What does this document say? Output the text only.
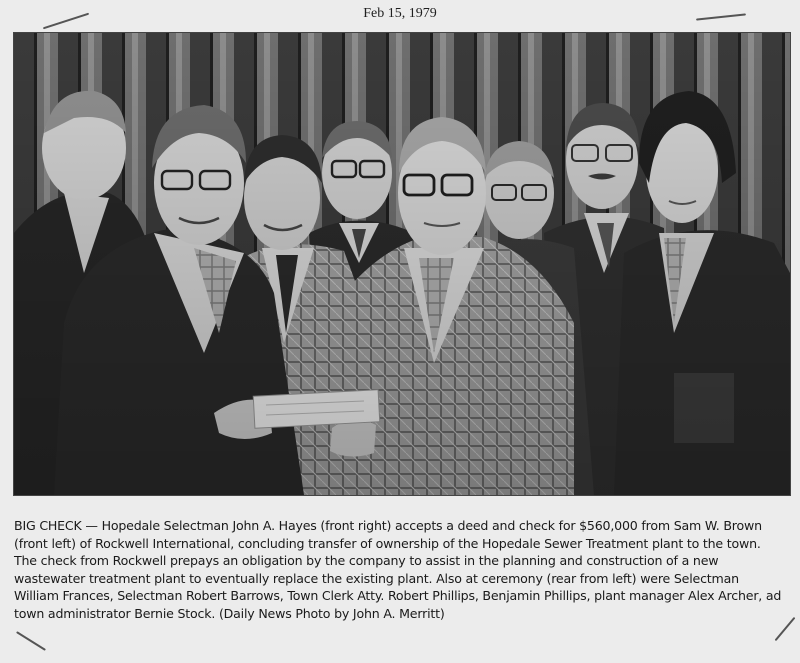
Feb 15, 1979
BIG CHECK — Hopedale Selectman John A. Hayes (front right) accepts a deed and check for $560,000 from Sam W. Brown (front left) of Rockwell International, concluding transfer of ownership of the Hopedale Sewer Treatment plant to the town. The check from Rockwell prepays an obligation by the company to assist in the planning and construction of a new wastewater treatment plant to eventually replace the existing plant. Also at ceremony (rear from left) were Selectman William Frances, Selectman Robert Barrows, Town Clerk Atty. Robert Phillips, Benjamin Phillips, plant manager Alex Archer, ad town administrator Bernie Stock. (Daily News Photo by John A. Merritt)
